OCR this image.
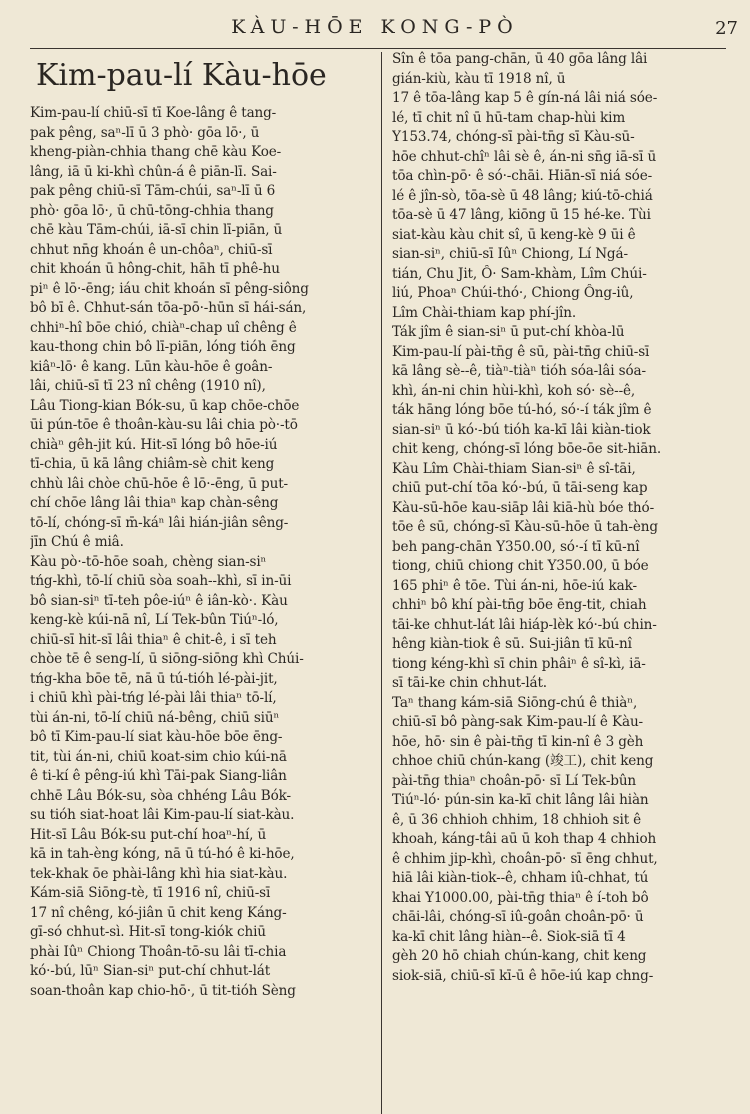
KÀU-HŌE KONG-PÒ	27
Kim-pau-lí Kàu-hōe
Kim-pau-lí chiū-sī tī Koe-lâng ê tang-
pak pêng, saⁿ-lī ū 3 phò· gōa lō·, ū
kheng-piàn-chhia thang chē kàu Koe-
lâng, iā ū ki-khì chûn-á ê piān-lī. Sai-
pak pêng chiū-sī Tām-chúi, saⁿ-lī ū 6
phò· gōa lō·, ū chū-tōng-chhia thang
chē kàu Tām-chúi, iā-sī chin lī-piān, ū
chhut nn̄g khoán ê un-chôaⁿ, chiū-sī
chit khoán ū hông-chit, hāh tī phê-hu
piⁿ ê lō·-ēng; iáu chit khoán sī pêng-siông
bô bī ê. Chhut-sán tōa-pō·-hūn sī hái-sán,
chhiⁿ-hî bōe chió, chiàⁿ-chap uî chêng ê
kau-thong chin bô lī-piān, lóng tióh ēng
kiâⁿ-lō· ê kang. Lūn kàu-hōe ê goân-
lâi, chiū-sī tī 23 nî chêng (1910 nî),
Lâu Tiong-kian Bók-su, ū kap chōe-chōe
ūi pún-tōe ê thoân-kàu-su lâi chia pò·-tō
chiàⁿ gêh-jit kú. Hit-sī lóng bô hōe-iú
tī-chia, ū kā lâng chiâm-sè chit keng
chhù lâi chòe chū-hōe ê lō·-ēng, ū put-
chí chōe lâng lâi thiaⁿ kap chàn-sêng
tō-lí, chóng-sī m̄-káⁿ lâi hián-jiân sêng-
jīn Chú ê miâ.
Kàu pò·-tō-hōe soah, chèng sian-siⁿ
tńg-khì, tō-lí chiū sòa soah--khì, sī in-ūi
bô sian-siⁿ tī-teh pôe-iúⁿ ê iân-kò·. Kàu
keng-kè kúi-nā nî, Lí Tek-bûn Tiúⁿ-ló,
chiū-sī hit-sī lâi thiaⁿ ê chit-ê, i sī teh
chòe tē ê seng-lí, ū siōng-siōng khì Chúi-
tńg-kha bōe tē, nā ū tú-tióh lé-pài-jit,
i chiū khì pài-tńg lé-pài lâi thiaⁿ tō-lí,
tùi án-ni, tō-lí chiū ná-bêng, chiū siūⁿ
bô tī Kim-pau-lí siat kàu-hōe bōe ēng-
tit, tùi án-ni, chiū koat-sim chio kúi-nā
ê ti-kí ê pêng-iú khì Tāi-pak Siang-liân
chhē Lâu Bók-su, sòa chhéng Lâu Bók-
su tióh siat-hoat lâi Kim-pau-lí siat-kàu.
Hit-sī Lâu Bók-su put-chí hoaⁿ-hí, ū
kā in tah-èng kóng, nā ū tú-hó ê ki-hōe,
tek-khak ōe phài-lâng khì hia siat-kàu.
Kám-siā Siōng-tè, tī 1916 nî, chiū-sī
17 nî chêng, kó-jiân ū chit keng Káng-
gī-só chhut-sì. Hit-sī tong-kiók chiū
phài Iûⁿ Chiong Thoân-tō-su lâi tī-chia
kó·-bú, lūⁿ Sian-siⁿ put-chí chhut-lát
soan-thoân kap chio-hō·, ū tit-tióh Sèng
Sîn ê tōa pang-chān, ū 40 gōa lâng lâi
gián-kiù, kàu tī 1918 nî, ū
17 ê tōa-lâng kap 5 ê gín-ná lâi niá sóe-
lé, tī chit nî ū hū-tam chap-hùi kim
Y153.74, chóng-sī pài-tn̄g sī Kàu-sū-
hōe chhut-chîⁿ lâi sè ê, án-ni sn̄g iā-sī ū
tōa chìn-pō· ê só·-chāi. Hiān-sī niá sóe-
lé ê jîn-sò, tōa-sè ū 48 lâng; kiú-tō-chiá
tōa-sè ū 47 lâng, kiōng ū 15 hé-ke. Tùi
siat-kàu kàu chit sî, ū keng-kè 9 ūi ê
sian-siⁿ, chiū-sī Iûⁿ Chiong, Lí Ngá-
tián, Chu Jit, Ô· Sam-khàm, Lîm Chúi-
liú, Phoaⁿ Chúi-thó·, Chiong Ông-iû,
Lîm Chài-thiam kap phí-jîn.
Ták jîm ê sian-siⁿ ū put-chí khòa-lū
Kim-pau-lí pài-tn̄g ê sū, pài-tn̄g chiū-sī
kā lâng sè--ê, tiàⁿ-tiàⁿ tióh sóa-lâi sóa-
khì, án-ni chin hùi-khì, koh só· sè--ê,
ták hāng lóng bōe tú-hó, só·-í ták jîm ê
sian-siⁿ ū kó·-bú tióh ka-kī lâi kiàn-tiok
chit keng, chóng-sī lóng bōe-ōe sit-hiān.
Kàu Lîm Chài-thiam Sian-siⁿ ê sî-tāi,
chiū put-chí tōa kó·-bú, ū tāi-seng kap
Kàu-sū-hōe kau-siāp lâi kiā-hù bóe thó-
tōe ê sū, chóng-sī Kàu-sū-hōe ū tah-èng
beh pang-chān Y350.00, só·-í tī kū-nî
tiong, chiū chiong chit Y350.00, ū bóe
165 phiⁿ ê tōe. Tùi án-ni, hōe-iú kak-
chhiⁿ bô khí pài-tn̄g bōe ēng-tit, chiah
tāi-ke chhut-lát lâi hiáp-lèk kó·-bú chin-
hêng kiàn-tiok ê sū. Sui-jiân tī kū-nî
tiong kéng-khì sī chin phâiⁿ ê sî-kì, iā-
sī tāi-ke chin chhut-lát.
Taⁿ thang kám-siā Siōng-chú ê thiàⁿ,
chiū-sī bô pàng-sak Kim-pau-lí ê Kàu-
hōe, hō· sin ê pài-tn̄g tī kin-nî ê 3 gèh
chhoe chiū chún-kang (竣工), chit keng
pài-tn̄g thiaⁿ choân-pō· sī Lí Tek-bûn
Tiúⁿ-ló· pún-sin ka-kī chit lâng lâi hiàn
ê, ū 36 chhioh chhim, 18 chhioh sit ê
khoah, káng-tâi aū ū koh thap 4 chhioh
ê chhim jip-khì, choân-pō· sī ēng chhut,
hiā lâi kiàn-tiok--ê, chham iû-chhat, tú
khai Y1000.00, pài-tn̄g thiaⁿ ê í-toh bô
chāi-lâi, chóng-sī iû-goân choân-pō· ū
ka-kī chit lâng hiàn--ê. Siok-siā tī 4
gèh 20 hō chiah chún-kang, chit keng
siok-siā, chiū-sī kī-ū ê hōe-iú kap chng-
